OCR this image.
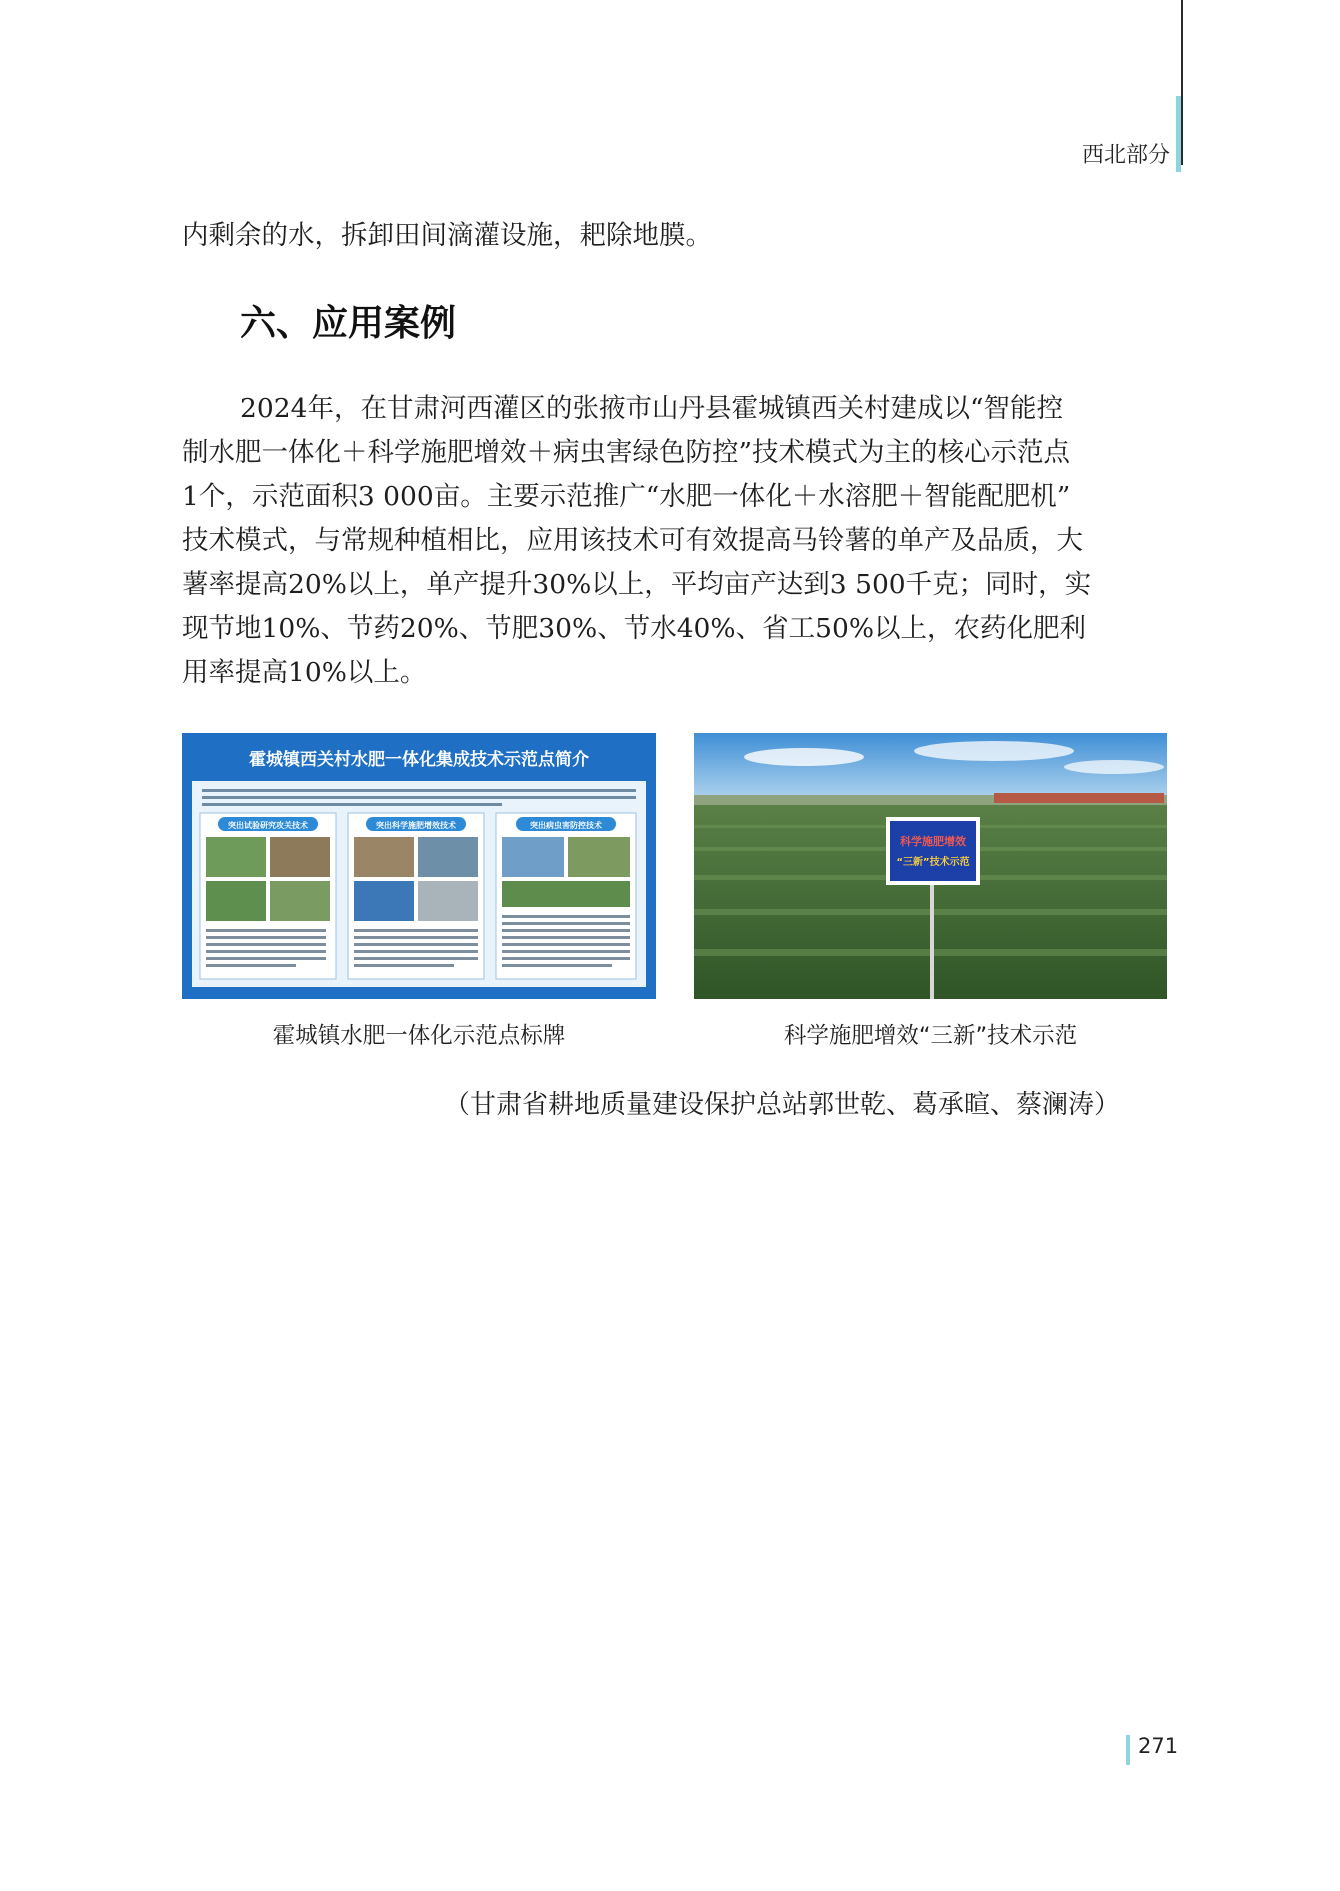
西北部分
内剩余的水，拆卸田间滴灌设施，耙除地膜。
六、应用案例
2024年，在甘肃河西灌区的张掖市山丹县霍城镇西关村建成以“智能控
制水肥一体化＋科学施肥增效＋病虫害绿色防控”技术模式为主的核心示范点
1个，示范面积3 000亩。主要示范推广“水肥一体化＋水溶肥＋智能配肥机”
技术模式，与常规种植相比，应用该技术可有效提高马铃薯的单产及品质，大
薯率提高20%以上，单产提升30%以上，平均亩产达到3 500千克；同时，实
现节地10%、节药20%、节肥30%、节水40%、省工50%以上，农药化肥利
用率提高10%以上。
霍城镇西关村水肥一体化集成技术示范点简介
突出试验研究攻关技术	突出科学施肥增效技术	突出病虫害防控技术
科学施肥增效
“三新”技术示范
霍城镇水肥一体化示范点标牌	科学施肥增效“三新”技术示范
（甘肃省耕地质量建设保护总站郭世乾、葛承暄、蔡澜涛）
271
